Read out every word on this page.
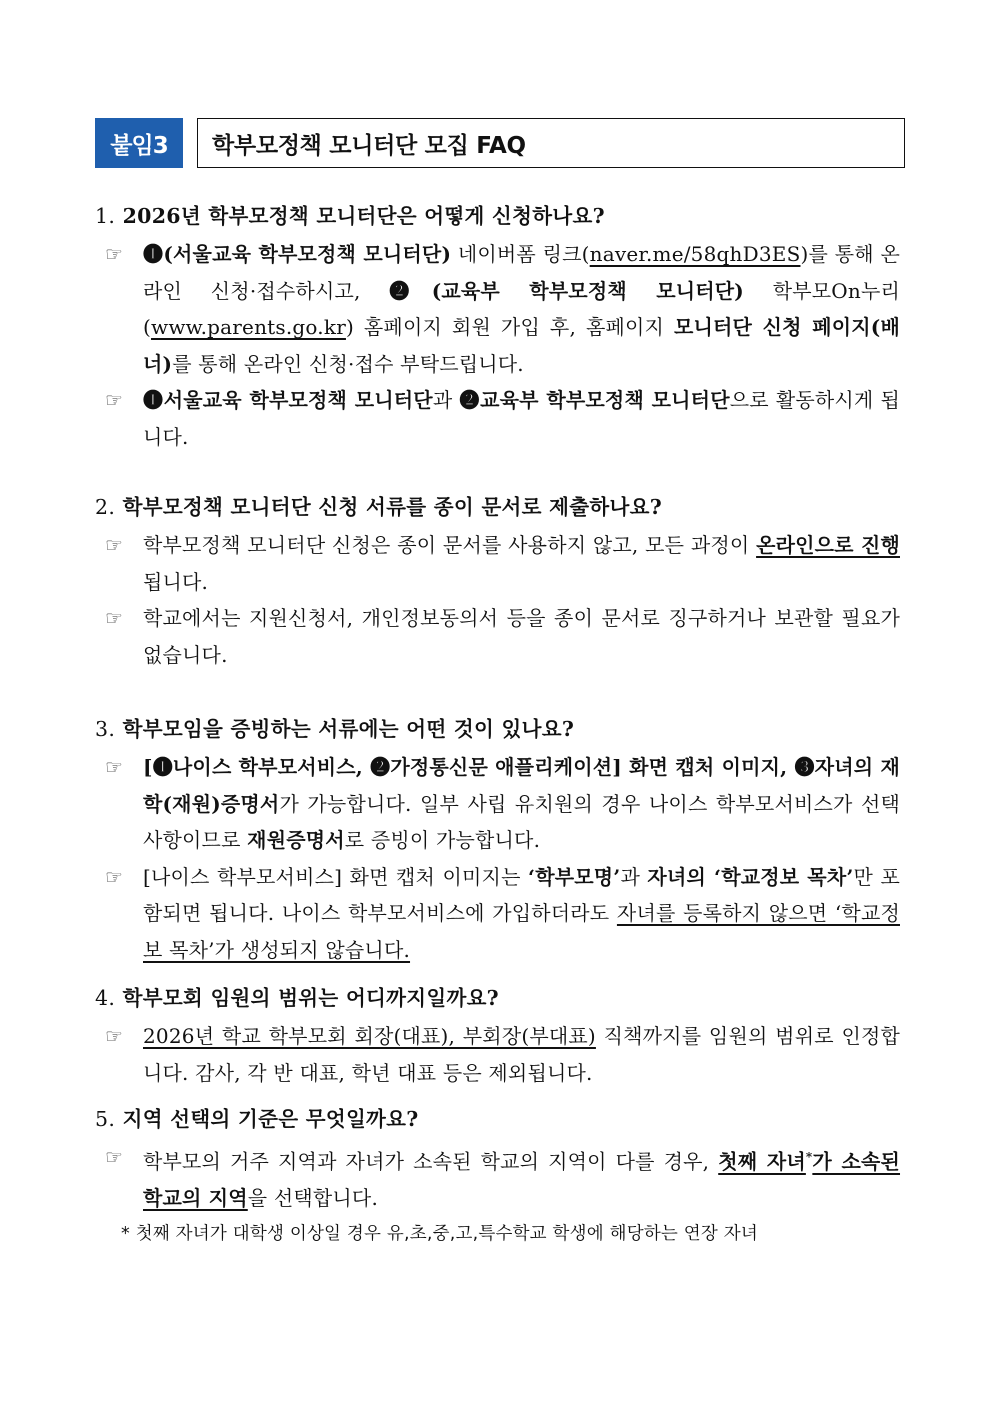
붙임3	학부모정책 모니터단 모집 FAQ

1. 2026년 학부모정책 모니터단은 어떻게 신청하나요?

☞ ❶(서울교육 학부모정책 모니터단) 네이버폼 링크(naver.me/58qhD3ES)를 통해 온라인 신청·접수하시고, ❷(교육부 학부모정책 모니터단) 학부모On누리(www.parents.go.kr) 홈페이지 회원 가입 후, 홈페이지 모니터단 신청 페이지(배너)를 통해 온라인 신청·접수 부탁드립니다.
☞ ❶서울교육 학부모정책 모니터단과 ❷교육부 학부모정책 모니터단으로 활동하시게 됩니다.

2. 학부모정책 모니터단 신청 서류를 종이 문서로 제출하나요?

☞ 학부모정책 모니터단 신청은 종이 문서를 사용하지 않고, 모든 과정이 온라인으로 진행됩니다.
☞ 학교에서는 지원신청서, 개인정보동의서 등을 종이 문서로 징구하거나 보관할 필요가 없습니다.

3. 학부모임을 증빙하는 서류에는 어떤 것이 있나요?

☞ [❶나이스 학부모서비스, ❷가정통신문 애플리케이션] 화면 캡처 이미지, ❸자녀의 재학(재원)증명서가 가능합니다. 일부 사립 유치원의 경우 나이스 학부모서비스가 선택사항이므로 재원증명서로 증빙이 가능합니다.
☞ [나이스 학부모서비스] 화면 캡처 이미지는 ‘학부모명’과 자녀의 ‘학교정보 목차’만 포함되면 됩니다. 나이스 학부모서비스에 가입하더라도 자녀를 등록하지 않으면 ‘학교정보 목차’가 생성되지 않습니다.

4. 학부모회 임원의 범위는 어디까지일까요?

☞ 2026년 학교 학부모회 회장(대표), 부회장(부대표) 직책까지를 임원의 범위로 인정합니다. 감사, 각 반 대표, 학년 대표 등은 제외됩니다.

5. 지역 선택의 기준은 무엇일까요?

☞ 학부모의 거주 지역과 자녀가 소속된 학교의 지역이 다를 경우, 첫째 자녀*가 소속된 학교의 지역을 선택합니다.
* 첫째 자녀가 대학생 이상일 경우 유,초,중,고,특수학교 학생에 해당하는 연장 자녀
